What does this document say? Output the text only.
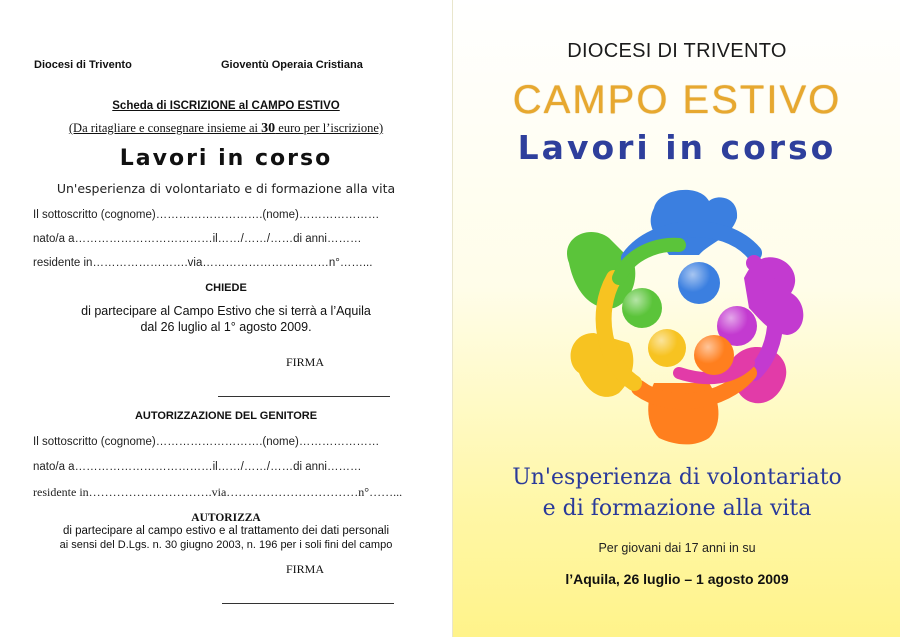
Diocesi di Trivento	Gioventù Operaia Cristiana
Scheda di ISCRIZIONE al CAMPO ESTIVO
(Da ritagliare e consegnare insieme ai 30 euro per l’iscrizione)
Lavori in corso
Un'esperienza di volontariato e di formazione alla vita
Il sottoscritto (cognome)……………………….(nome)…………………
nato/a a………………………………il……/……/……di anni………
residente in…………………….via……………………………n°……...
CHIEDE
di partecipare al Campo Estivo che si terrà a l’Aquila
dal 26 luglio al 1° agosto 2009.
FIRMA
AUTORIZZAZIONE DEL GENITORE
Il sottoscritto (cognome)……………………….(nome)…………………
nato/a a………………………………il……/……/……di anni………
residente in………………………….via……………………………n°……...
AUTORIZZA
di partecipare al campo estivo e al trattamento dei dati personali
ai sensi del D.Lgs. n. 30 giugno 2003, n. 196 per i soli fini del campo
FIRMA
DIOCESI DI TRIVENTO
CAMPO ESTIVO
Lavori in corso
Un'esperienza di volontariato
e di formazione alla vita
Per giovani dai 17 anni in su
l’Aquila, 26 luglio – 1 agosto 2009
